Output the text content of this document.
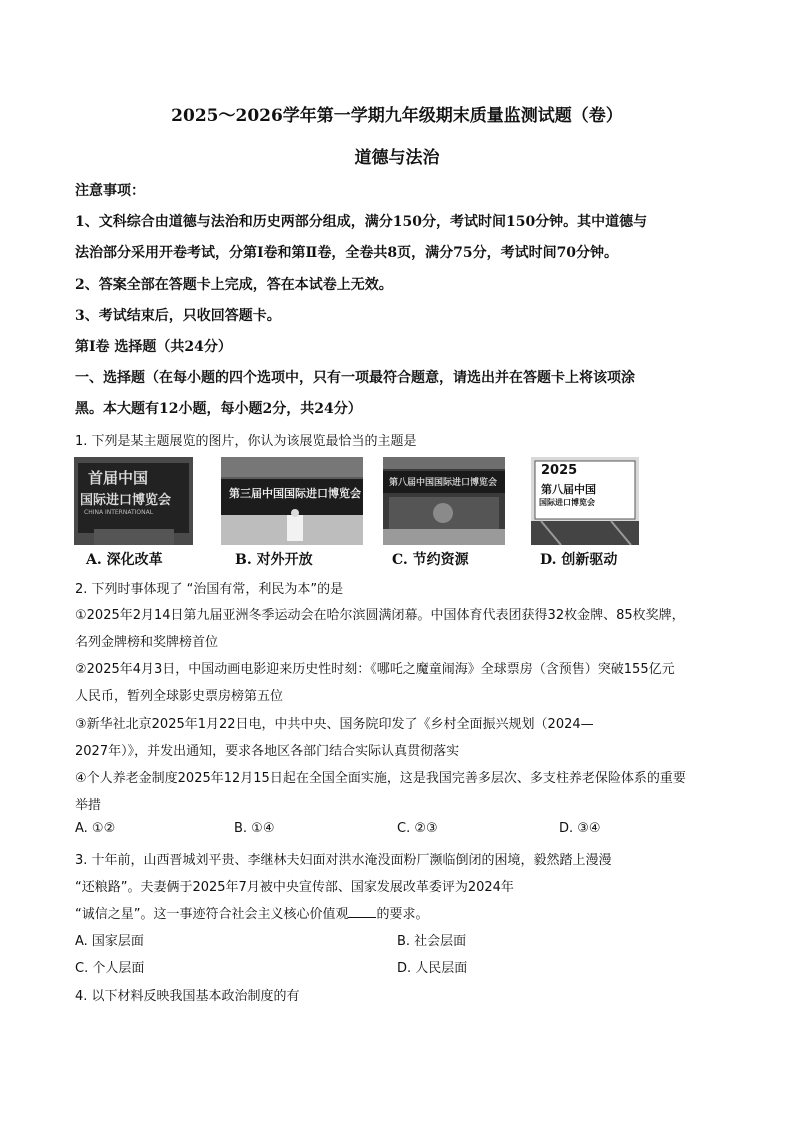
2025～2026学年第一学期九年级期末质量监测试题（卷）
道德与法治
注意事项：
1、文科综合由道德与法治和历史两部分组成，满分150分，考试时间150分钟。其中道德与
法治部分采用开卷考试，分第Ⅰ卷和第Ⅱ卷，全卷共8页，满分75分，考试时间70分钟。
2、答案全部在答题卡上完成，答在本试卷上无效。
3、考试结束后，只收回答题卡。
第Ⅰ卷 选择题（共24分）
一、选择题（在每小题的四个选项中，只有一项最符合题意，请选出并在答题卡上将该项涂
黑。本大题有12小题，每小题2分，共24分）
1. 下列是某主题展览的图片，你认为该展览最恰当的主题是
首届中国
国际进口博览会
CHINA INTERNATIONAL
第三届中国国际进口博览会
第八届中国国际进口博览会
2025
第八届中国
国际进口博览会
A. 深化改革	B. 对外开放	C. 节约资源	D. 创新驱动
2. 下列时事体现了 “治国有常，利民为本”的是
①2025年2月14日第九届亚洲冬季运动会在哈尔滨圆满闭幕。中国体育代表团获得32枚金牌、85枚奖牌，
名列金牌榜和奖牌榜首位
②2025年4月3日，中国动画电影迎来历史性时刻：《哪吒之魔童闹海》全球票房（含预售）突破155亿元
人民币，暂列全球影史票房榜第五位
③新华社北京2025年1月22日电，中共中央、国务院印发了《乡村全面振兴规划（2024—
2027年）》，并发出通知，要求各地区各部门结合实际认真贯彻落实
④个人养老金制度2025年12月15日起在全国全面实施，这是我国完善多层次、多支柱养老保险体系的重要
举措
A. ①②	B. ①④	C. ②③	D. ③④
3. 十年前，山西晋城刘平贵、李继林夫妇面对洪水淹没面粉厂濒临倒闭的困境，毅然踏上漫漫
“还粮路”。夫妻俩于2025年7月被中央宣传部、国家发展改革委评为2024年
“诚信之星”。这一事迹符合社会主义核心价值观 的要求。
A. 国家层面	B. 社会层面
C. 个人层面	D. 人民层面
4. 以下材料反映我国基本政治制度的有
